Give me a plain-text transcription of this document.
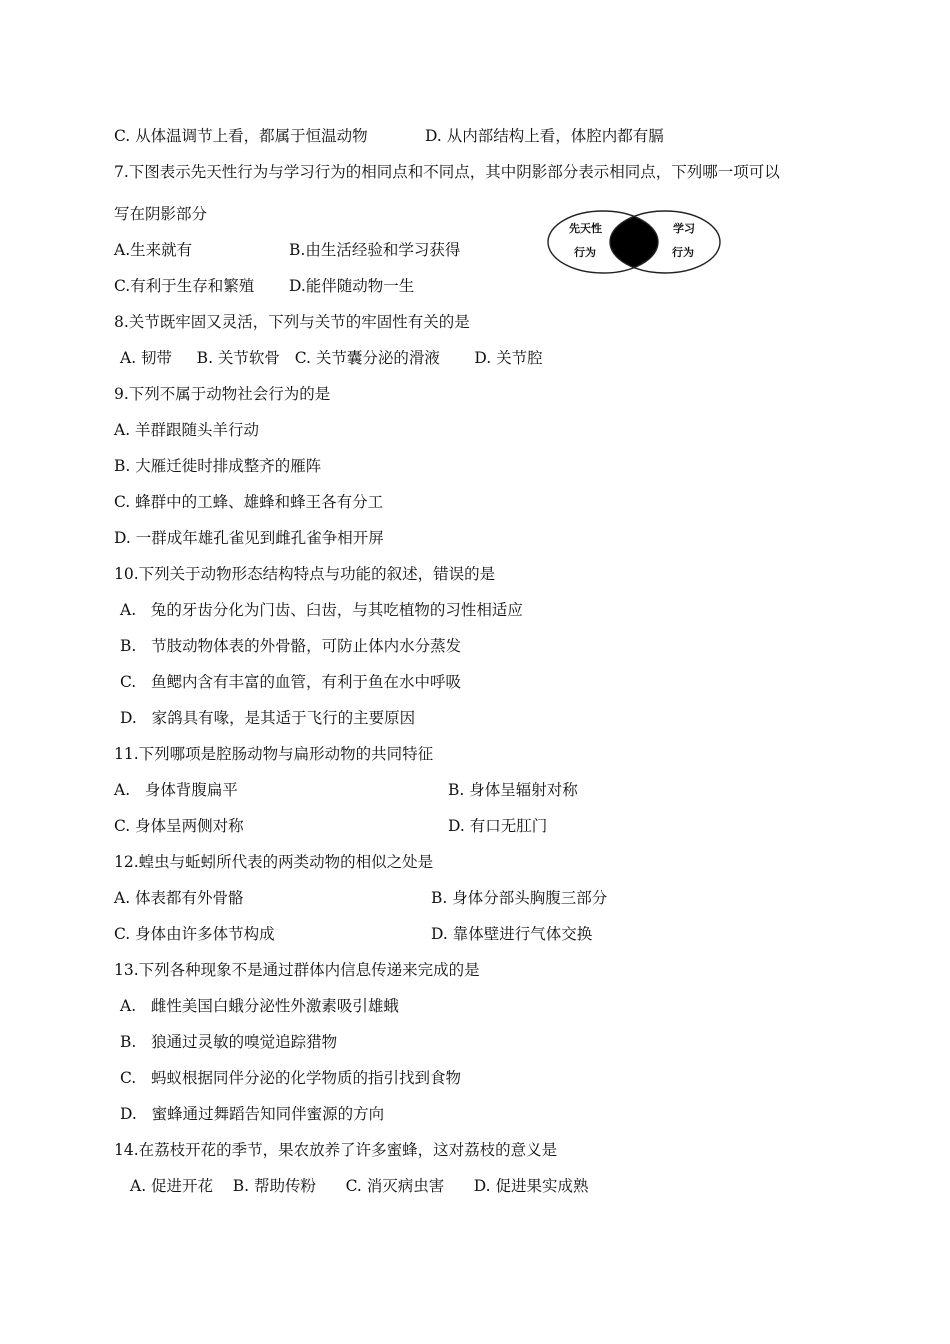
C. 从体温调节上看，都属于恒温动物	D. 从内部结构上看，体腔内都有膈
7.下图表示先天性行为与学习行为的相同点和不同点，其中阴影部分表示相同点，下列哪一项可以
写在阴影部分
先天性
行为
学习
行为
A.生来就有	B.由生活经验和学习获得
C.有利于生存和繁殖 D.能伴随动物一生
8.关节既牢固又灵活，下列与关节的牢固性有关的是
A. 韧带     B. 关节软骨   C. 关节囊分泌的滑液       D. 关节腔
9.下列不属于动物社会行为的是
A. 羊群跟随头羊行动
B. 大雁迁徙时排成整齐的雁阵
C. 蜂群中的工蜂、雄蜂和蜂王各有分工
D. 一群成年雄孔雀见到雌孔雀争相开屏
10.下列关于动物形态结构特点与功能的叙述，错误的是
A.   兔的牙齿分化为门齿、臼齿，与其吃植物的习性相适应
B.   节肢动物体表的外骨骼，可防止体内水分蒸发
C.   鱼鳃内含有丰富的血管，有利于鱼在水中呼吸
D.   家鸽具有喙，是其适于飞行的主要原因
11.下列哪项是腔肠动物与扁形动物的共同特征
A.   身体背腹扁平	B. 身体呈辐射对称
C. 身体呈两侧对称	D. 有口无肛门
12.蝗虫与蚯蚓所代表的两类动物的相似之处是
A. 体表都有外骨骼	B. 身体分部头胸腹三部分
C. 身体由许多体节构成	D. 靠体壁进行气体交换
13.下列各种现象不是通过群体内信息传递来完成的是
A.   雌性美国白蛾分泌性外激素吸引雄蛾
B.   狼通过灵敏的嗅觉追踪猎物
C.   蚂蚁根据同伴分泌的化学物质的指引找到食物
D.   蜜蜂通过舞蹈告知同伴蜜源的方向
14.在荔枝开花的季节，果农放养了许多蜜蜂，这对荔枝的意义是
A. 促进开花    B. 帮助传粉      C. 消灭病虫害      D. 促进果实成熟
